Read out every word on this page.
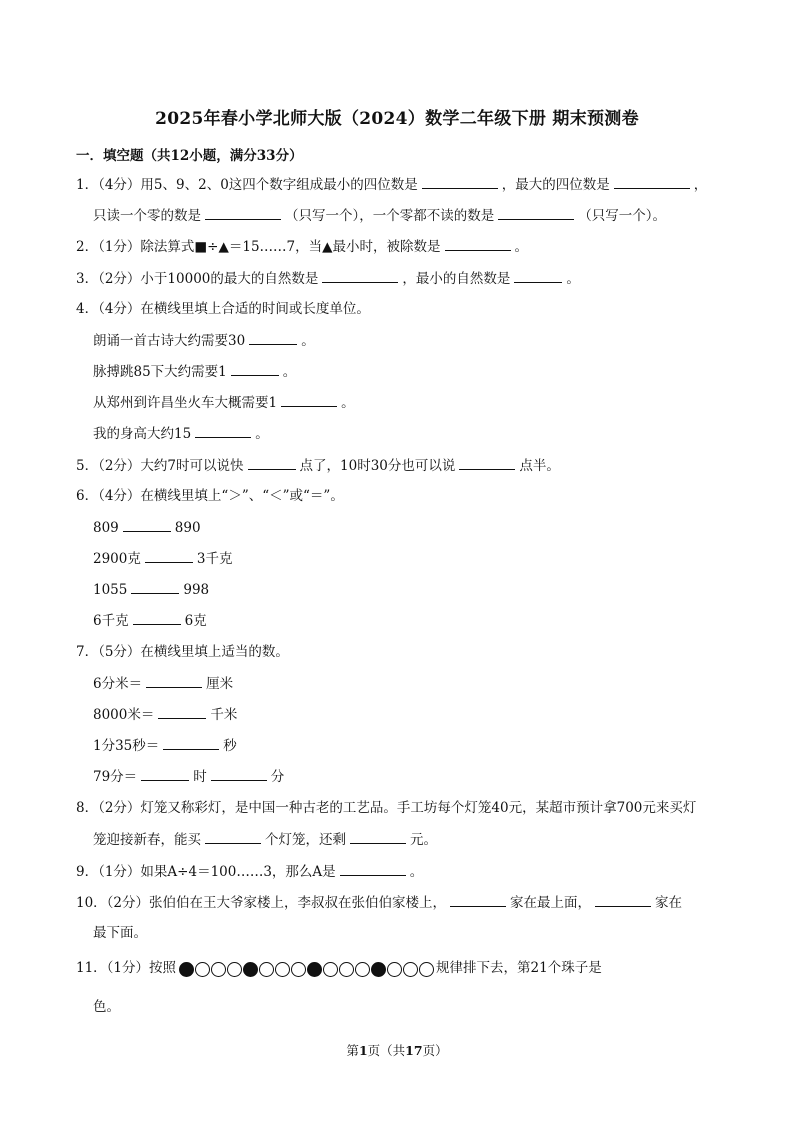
2025年春小学北师大版（2024）数学二年级下册 期末预测卷
一．填空题（共12小题，满分33分）
1．（4分）用5、9、2、0这四个数字组成最小的四位数是	，最大的四位数是	，
只读一个零的数是	（只写一个），一个零都不读的数是	（只写一个）。
2．（1分）除法算式■÷▲＝15……7，当▲最小时，被除数是	。
3．（2分）小于10000的最大的自然数是	，最小的自然数是	。
4．（4分）在横线里填上合适的时间或长度单位。
朗诵一首古诗大约需要30	。
脉搏跳85下大约需要1	。
从郑州到许昌坐火车大概需要1	。
我的身高大约15	。
5．（2分）大约7时可以说快	点了，10时30分也可以说	点半。
6．（4分）在横线里填上“＞”、“＜”或“＝”。
809	890
2900克	3千克
1055	998
6千克	6克
7．（5分）在横线里填上适当的数。
6分米＝	厘米
8000米＝	千米
1分35秒＝	秒
79分＝	时	分
8．（2分）灯笼又称彩灯，是中国一种古老的工艺品。手工坊每个灯笼40元，某超市预计拿700元来买灯
笼迎接新春，能买	个灯笼，还剩	元。
9．（1分）如果A÷4＝100……3，那么A是	。
10．（2分）张伯伯在王大爷家楼上，李叔叔在张伯伯家楼上，	家在最上面，	家在
最下面。
11．（1分）按照	规律排下去，第21个珠子是
色。
第1页（共17页）
